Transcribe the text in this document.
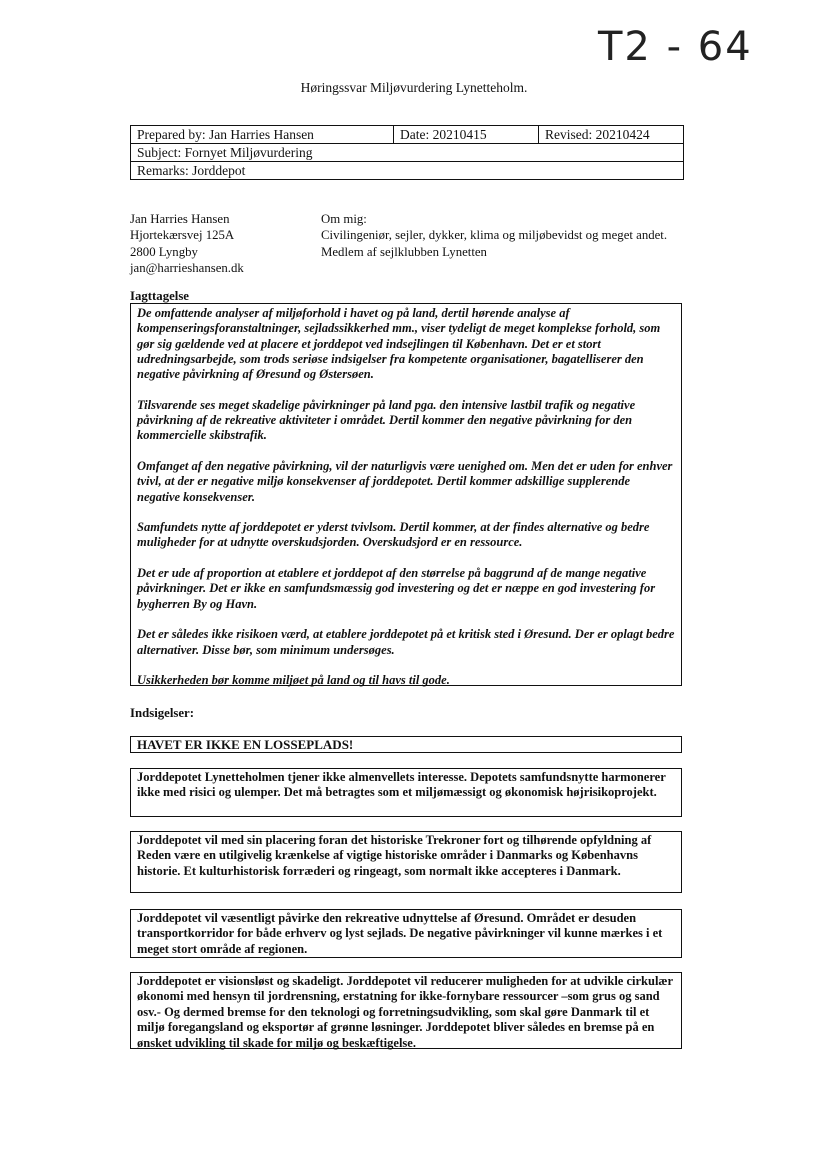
T2 - 64
Høringssvar Miljøvurdering Lynetteholm.
Prepared by: Jan Harries Hansen	Date: 20210415	Revised: 20210424
Subject: Fornyet Miljøvurdering
Remarks: Jorddepot
Jan Harries Hansen
Hjortekærsvej 125A
2800 Lyngby
jan@harrieshansen.dk
Om mig:
Civilingeniør, sejler, dykker, klima og miljøbevidst og meget andet.
Medlem af sejlklubben Lynetten
Iagttagelse

De omfattende analyser af miljøforhold i havet og på land, dertil hørende analyse af kompenseringsforanstaltninger, sejladssikkerhed mm., viser tydeligt de meget komplekse forhold, som gør sig gældende ved at placere et jorddepot ved indsejlingen til København. Det er et stort udredningsarbejde, som trods seriøse indsigelser fra kompetente organisationer, bagatelliserer den negative påvirkning af Øresund og Østersøen.

Tilsvarende ses meget skadelige påvirkninger på land pga. den intensive lastbil trafik og negative påvirkning af de rekreative aktiviteter i området. Dertil kommer den negative påvirkning for den kommercielle skibstrafik.

Omfanget af den negative påvirkning, vil der naturligvis være uenighed om. Men det er uden for enhver tvivl, at der er negative miljø konsekvenser af jorddepotet. Dertil kommer adskillige supplerende negative konsekvenser.

Samfundets nytte af jorddepotet er yderst tvivlsom. Dertil kommer, at der findes alternative og bedre muligheder for at udnytte overskudsjorden. Overskudsjord er en ressource.

Det er ude af proportion at etablere et jorddepot af den størrelse på baggrund af de mange negative påvirkninger. Det er ikke en samfundsmæssig god investering og det er næppe en god investering for bygherren By og Havn.

Det er således ikke risikoen værd, at etablere jorddepotet på et kritisk sted i Øresund. Der er oplagt bedre alternativer. Disse bør, som minimum undersøges.

Usikkerheden bør komme miljøet på land og til havs til gode.

Indsigelser:
HAVET ER IKKE EN LOSSEPLADS!
Jorddepotet Lynetteholmen tjener ikke almenvellets interesse. Depotets samfundsnytte harmonerer ikke med risici og ulemper. Det må betragtes som et miljømæssigt og økonomisk højrisikoprojekt.
Jorddepotet vil med sin placering foran det historiske Trekroner fort og tilhørende opfyldning af Reden være en utilgivelig krænkelse af vigtige historiske områder i Danmarks og Københavns historie. Et kulturhistorisk forræderi og ringeagt, som normalt ikke accepteres i Danmark.
Jorddepotet vil væsentligt påvirke den rekreative udnyttelse af Øresund. Området er desuden transportkorridor for både erhverv og lyst sejlads. De negative påvirkninger vil kunne mærkes i et meget stort område af regionen.
Jorddepotet er visionsløst og skadeligt. Jorddepotet vil reducerer muligheden for at udvikle cirkulær økonomi med hensyn til jordrensning, erstatning for ikke-fornybare ressourcer –som grus og sand osv.- Og dermed bremse for den teknologi og forretningsudvikling, som skal gøre Danmark til et miljø foregangsland og eksportør af grønne løsninger. Jorddepotet bliver således en bremse på en ønsket udvikling til skade for miljø og beskæftigelse.
